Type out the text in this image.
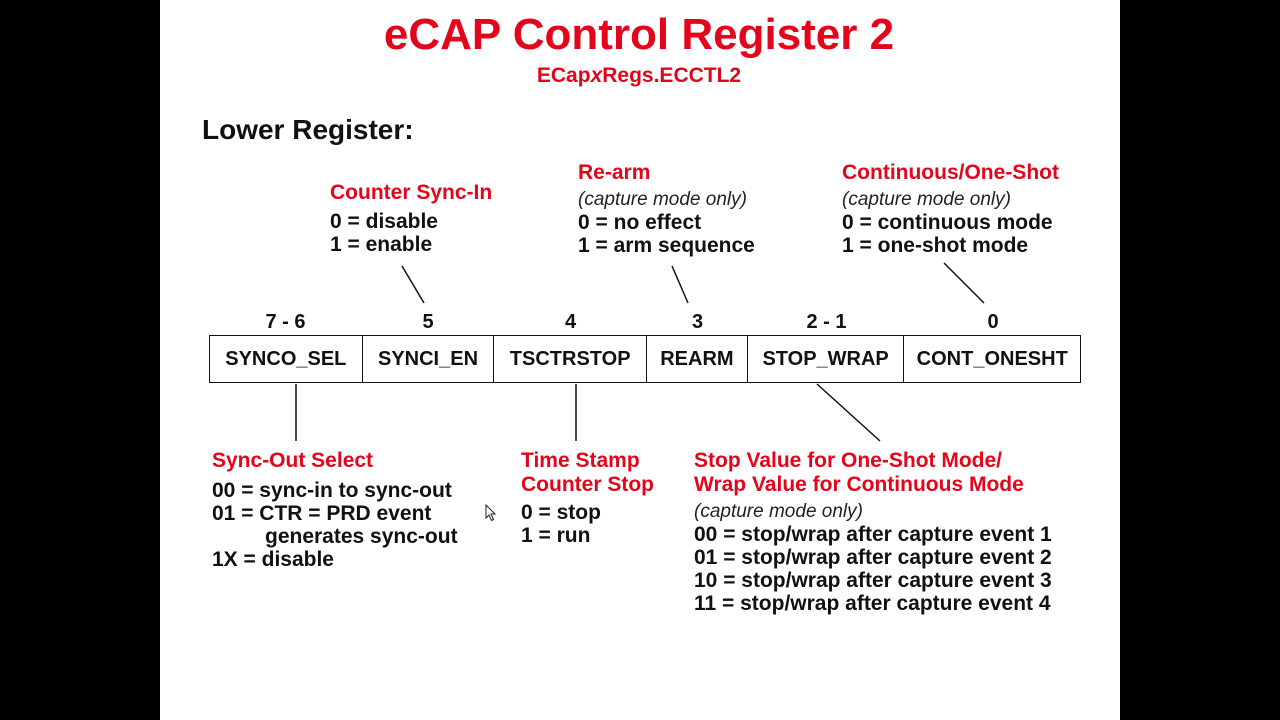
eCAP Control Register 2
ECapxRegs.ECCTL2
Lower Register:
Counter Sync-In
0 = disable
1 = enable
Re-arm
(capture mode only)
0 = no effect
1 = arm sequence
Continuous/One-Shot
(capture mode only)
0 = continuous mode
1 = one-shot mode
7 - 6	5	4	3	2 - 1	0
SYNCO_SEL	SYNCI_EN	TSCTRSTOP	REARM	STOP_WRAP	CONT_ONESHT
Sync-Out Select
00 = sync-in to sync-out
01 = CTR = PRD event
generates sync-out
1X = disable
Time Stamp
Counter Stop
0 = stop
1 = run
Stop Value for One-Shot Mode/
Wrap Value for Continuous Mode
(capture mode only)
00 = stop/wrap after capture event 1
01 = stop/wrap after capture event 2
10 = stop/wrap after capture event 3
11 = stop/wrap after capture event 4
